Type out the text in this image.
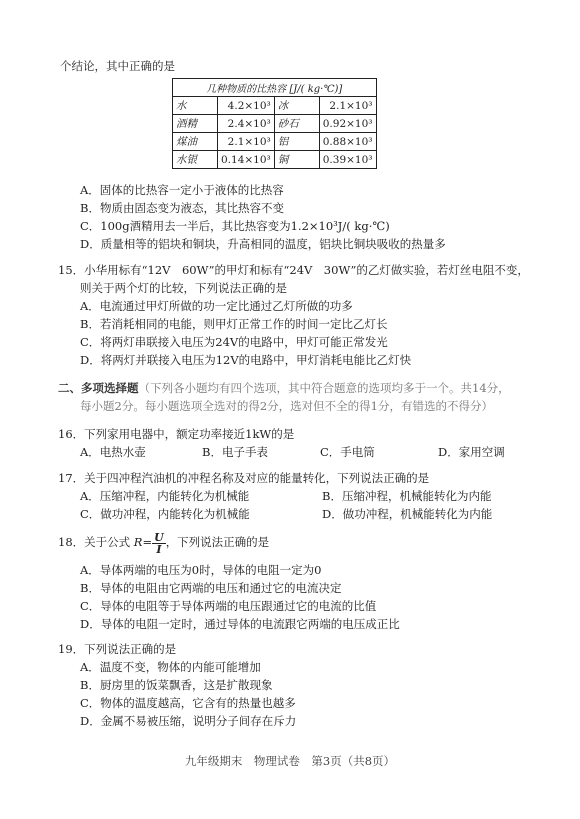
个结论，其中正确的是
几种物质的比热容 [J/( kg·℃)]			
水	4.2×10³	冰	2.1×10³
酒精	2.4×10³	砂石	0.92×10³
煤油	2.1×10³	铝	0.88×10³
水银	0.14×10³	铜	0.39×10³
A．固体的比热容一定小于液体的比热容
B．物质由固态变为液态，其比热容不变
C．100g酒精用去一半后，其比热容变为1.2×10³J/( kg·℃)
D．质量相等的铝块和铜块，升高相同的温度，铝块比铜块吸收的热量多
15．小华用标有“12V　60W”的甲灯和标有“24V　30W”的乙灯做实验，若灯丝电阻不变，
则关于两个灯的比较，下列说法正确的是
A．电流通过甲灯所做的功一定比通过乙灯所做的功多
B．若消耗相同的电能，则甲灯正常工作的时间一定比乙灯长
C．将两灯串联接入电压为24V的电路中，甲灯可能正常发光
D．将两灯并联接入电压为12V的电路中，甲灯消耗电能比乙灯快
二、多项选择题（下列各小题均有四个选项，其中符合题意的选项均多于一个。共14分，
每小题2分。每小题选项全选对的得2分，选对但不全的得1分，有错选的不得分）
16．下列家用电器中，额定功率接近1kW的是
A．电热水壶	B．电子手表	C．手电筒	D．家用空调
17．关于四冲程汽油机的冲程名称及对应的能量转化，下列说法正确的是
A．压缩冲程，内能转化为机械能	B．压缩冲程，机械能转化为内能
C．做功冲程，内能转化为机械能	D．做功冲程，机械能转化为内能
18．关于公式 $R= \frac{U}{I}$ ，下列说法正确的是
A．导体两端的电压为0时，导体的电阻一定为0
B．导体的电阻由它两端的电压和通过它的电流决定
C．导体的电阻等于导体两端的电压跟通过它的电流的比值
D．导体的电阻一定时，通过导体的电流跟它两端的电压成正比
19．下列说法正确的是
A．温度不变，物体的内能可能增加
B．厨房里的饭菜飘香，这是扩散现象
C．物体的温度越高，它含有的热量也越多
D．金属不易被压缩，说明分子间存在斥力
九年级期末　物理试卷　第3页（共8页）
